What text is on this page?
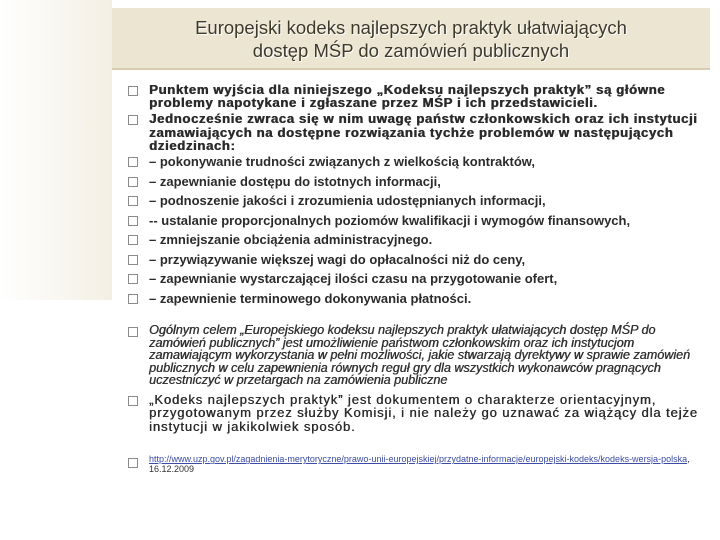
Europejski kodeks najlepszych praktyk ułatwiających
dostęp MŚP do zamówień publicznych
Punktem wyjścia dla niniejszego „Kodeksu najlepszych praktyk” są główne problemy napotykane i zgłaszane przez MŚP i ich przedstawicieli.
Jednocześnie zwraca się w nim uwagę państw członkowskich oraz ich instytucji zamawiających na dostępne rozwiązania tychże problemów w następujących dziedzinach:
– pokonywanie trudności związanych z wielkością kontraktów,
– zapewnianie dostępu do istotnych informacji,
– podnoszenie jakości i zrozumienia udostępnianych informacji,
-- ustalanie proporcjonalnych poziomów kwalifikacji i wymogów finansowych,
– zmniejszanie obciążenia administracyjnego.
– przywiązywanie większej wagi do opłacalności niż do ceny,
– zapewnianie wystarczającej ilości czasu na przygotowanie ofert,
– zapewnienie terminowego dokonywania płatności.
Ogólnym celem „Europejskiego kodeksu najlepszych praktyk ułatwiających dostęp MŚP do zamówień publicznych” jest umożliwienie państwom członkowskim oraz ich instytucjom zamawiającym wykorzystania w pełni możliwości, jakie stwarzają dyrektywy w sprawie zamówień publicznych w celu zapewnienia równych reguł gry dla wszystkich wykonawców pragnących uczestniczyć w przetargach na zamówienia publiczne
„Kodeks najlepszych praktyk” jest dokumentem o charakterze orientacyjnym, przygotowanym przez służby Komisji, i nie należy go uznawać za wiążący dla tejże instytucji w jakikolwiek sposób.
http://www.uzp.gov.pl/zagadnienia-merytoryczne/prawo-unii-europejskiej/przydatne-informacje/europejski-kodeks/kodeks-wersja-polska, 16.12.2009
